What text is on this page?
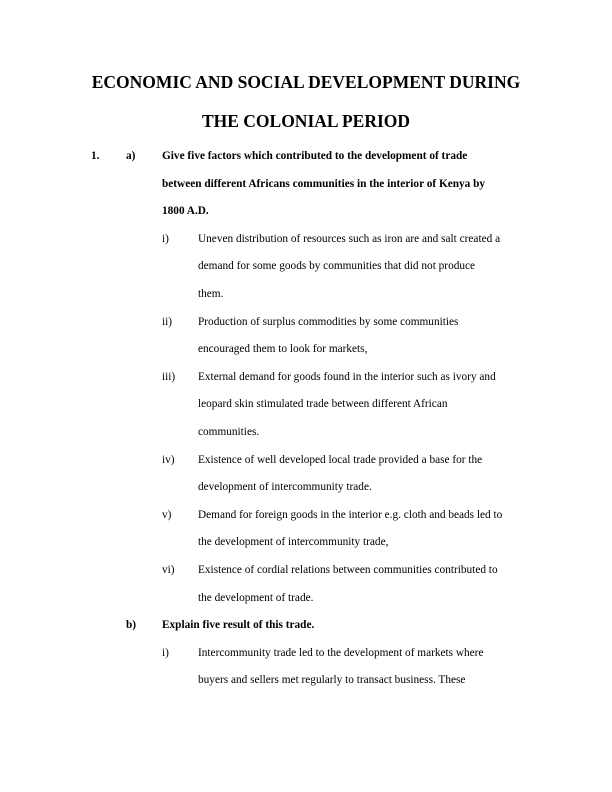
ECONOMIC AND SOCIAL DEVELOPMENT DURING
THE COLONIAL PERIOD
1. a) Give five factors which contributed to the development of trade
between different Africans communities in the interior of Kenya by
1800 A.D.
i)	Uneven distribution of resources such as iron are and salt created a
demand for some goods by communities that did not produce
them.
ii) Production of surplus commodities by some communities
encouraged them to look for markets,
iii) External demand for goods found in the interior such as ivory and
leopard skin stimulated trade between different African
communities.
iv) Existence of well developed local trade provided a base for the
development of intercommunity trade.
v) Demand for foreign goods in the interior e.g. cloth and beads led to
the development of intercommunity trade,
vi) Existence of cordial relations between communities contributed to
the development of trade.
b) Explain five result of this trade.
i)	Intercommunity trade led to the development of markets where
buyers and sellers met regularly to transact business. These
